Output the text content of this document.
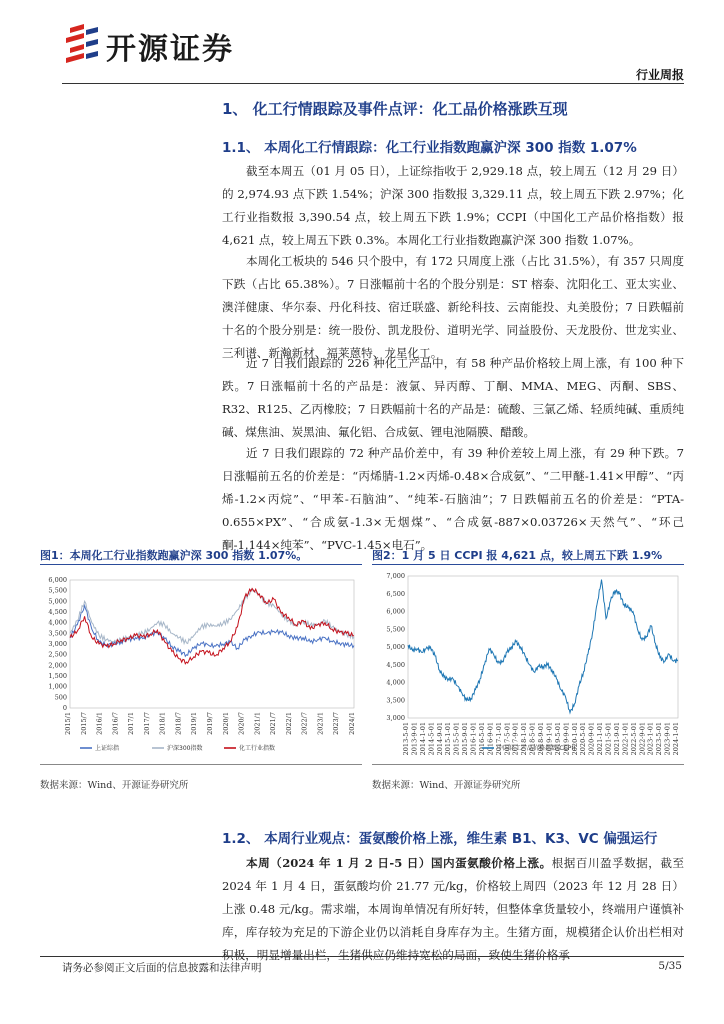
开源证券
行业周报
1、 化工行情跟踪及事件点评：化工品价格涨跌互现
1.1、 本周化工行情跟踪：化工行业指数跑赢沪深 300 指数 1.07%

截至本周五（01 月 05 日），上证综指收于 2,929.18 点，较上周五（12 月 29 日）的 2,974.93 点下跌 1.54%；沪深 300 指数报 3,329.11 点，较上周五下跌 2.97%；化工行业指数报 3,390.54 点，较上周五下跌 1.9%；CCPI（中国化工产品价格指数）报 4,621 点，较上周五下跌 0.3%。本周化工行业指数跑赢沪深 300 指数 1.07%。

本周化工板块的 546 只个股中，有 172 只周度上涨（占比 31.5%），有 357 只周度下跌（占比 65.38%）。7 日涨幅前十名的个股分别是：ST 榕泰、沈阳化工、亚太实业、澳洋健康、华尔泰、丹化科技、宿迁联盛、新纶科技、云南能投、丸美股份；7 日跌幅前十名的个股分别是：统一股份、凯龙股份、道明光学、同益股份、天龙股份、世龙实业、三利谱、新瀚新材、福莱蒽特、龙星化工。

近 7 日我们跟踪的 226 种化工产品中，有 58 种产品价格较上周上涨，有 100 种下跌。7 日涨幅前十名的产品是：液氯、异丙醇、丁酮、MMA、MEG、丙酮、SBS、R32、R125、乙丙橡胶；7 日跌幅前十名的产品是：硫酸、三氯乙烯、轻质纯碱、重质纯碱、煤焦油、炭黑油、氟化铝、合成氨、锂电池隔膜、醋酸。

近 7 日我们跟踪的 72 种产品价差中，有 39 种价差较上周上涨，有 29 种下跌。7 日涨幅前五名的价差是：“丙烯腈-1.2×丙烯-0.48×合成氨”、“二甲醚-1.41×甲醇”、“丙烯-1.2×丙烷”、“甲苯-石脑油”、“纯苯-石脑油”；7 日跌幅前五名的价差是：“PTA-0.655×PX”、“合成氨-1.3×无烟煤”、“合成氨-887×0.03726×天然气”、“环己酮-1.144×纯苯”、“PVC-1.45×电石”。

图1：本周化工行业指数跑赢沪深 300 指数 1.07%。
6,000
5,500
5,000
4,500
4,000
3,500
3,000
2,500
2,000
1,500
1,000
500
0
2015/1 2015/7 2016/1 2016/7 2017/1 2017/7 2018/1 2018/7 2019/1 2019/7 2020/1 2020/7 2021/1 2021/7 2022/1 2022/7 2023/1 2023/7 2024/1
上证综指	沪深300指数	化工行业指数
数据来源：Wind、开源证券研究所
图2：1 月 5 日 CCPI 报 4,621 点，较上周五下跌 1.9%
7,000
6,500
6,000
5,500
5,000
4,500
4,000
3,500
3,000
2013-5-01 2013-9-01 2014-1-01 2014-5-01 2014-9-01 2015-1-01 2015-5-01 2015-9-01 2016-1-01 2016-5-01 2016-9-01 2017-1-01 2017-5-01 2017-9-01 2018-1-01 2018-5-01 2018-9-01 2019-1-01 2019-5-01 2019-9-01 2020-1-01 2020-5-01 2020-9-01 2021-1-01 2021-5-01 2021-9-01 2022-1-01 2022-5-01 2022-9-01 2023-1-01 2023-5-01 2023-9-01 2024-1-01
中国化工产品价格指数(CCPI)
数据来源：Wind、开源证券研究所
1.2、 本周行业观点：蛋氨酸价格上涨，维生素 B1、K3、VC 偏强运行

本周（2024 年 1 月 2 日-5 日）国内蛋氨酸价格上涨。根据百川盈孚数据，截至 2024 年 1 月 4 日，蛋氨酸均价 21.77 元/kg，价格较上周四（2023 年 12 月 28 日）上涨 0.48 元/kg。需求端，本周询单情况有所好转，但整体拿货量较小，终端用户谨慎补库，库存较为充足的下游企业仍以消耗自身库存为主。生猪方面，规模猪企认价出栏相对积极，明显增量出栏，生猪供应仍维持宽松的局面，致使生猪价格承

请务必参阅正文后面的信息披露和法律声明	5/35
